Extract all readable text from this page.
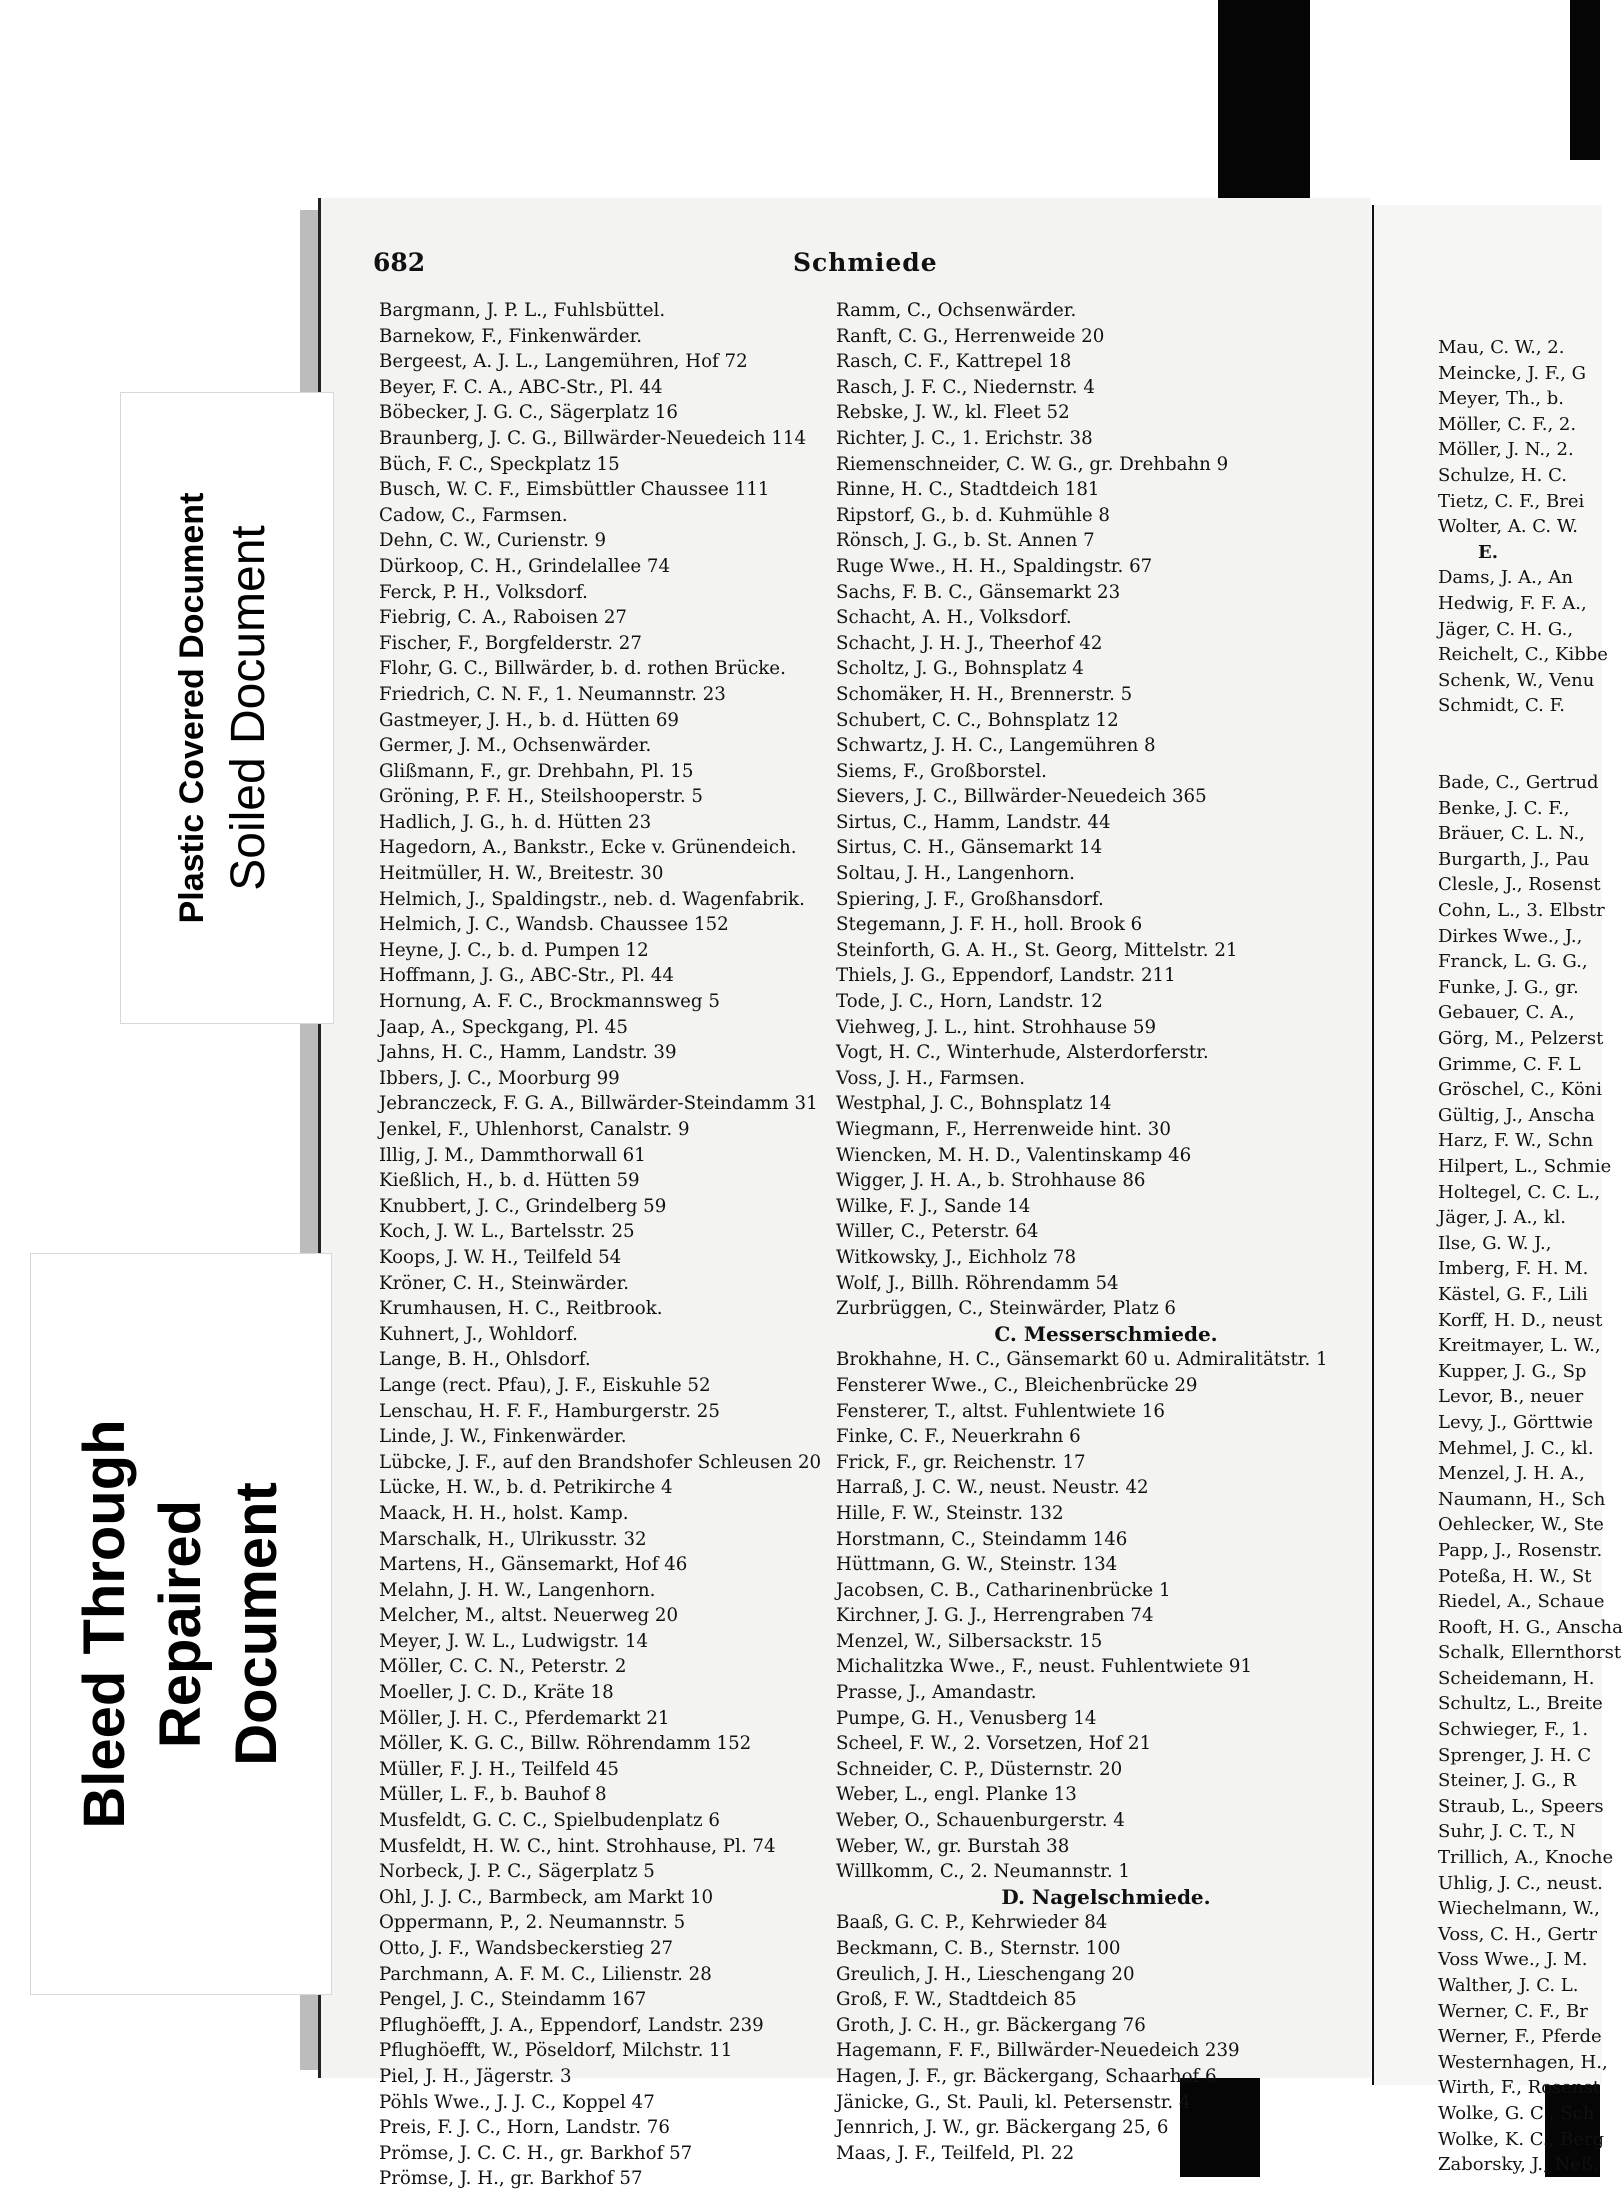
682	Schmiede
Bargmann, J. P. L., Fuhlsbüttel.
Barnekow, F., Finkenwärder.
Bergeest, A. J. L., Langemühren, Hof 72
Beyer, F. C. A., ABC-Str., Pl. 44
Böbecker, J. G. C., Sägerplatz 16
Braunberg, J. C. G., Billwärder-Neuedeich 114
Büch, F. C., Speckplatz 15
Busch, W. C. F., Eimsbüttler Chaussee 111
Cadow, C., Farmsen.
Dehn, C. W., Curienstr. 9
Dürkoop, C. H., Grindelallee 74
Ferck, P. H., Volksdorf.
Fiebrig, C. A., Raboisen 27
Fischer, F., Borgfelderstr. 27
Flohr, G. C., Billwärder, b. d. rothen Brücke.
Friedrich, C. N. F., 1. Neumannstr. 23
Gastmeyer, J. H., b. d. Hütten 69
Germer, J. M., Ochsenwärder.
Glißmann, F., gr. Drehbahn, Pl. 15
Gröning, P. F. H., Steilshooperstr. 5
Hadlich, J. G., h. d. Hütten 23
Hagedorn, A., Bankstr., Ecke v. Grünendeich.
Heitmüller, H. W., Breitestr. 30
Helmich, J., Spaldingstr., neb. d. Wagenfabrik.
Helmich, J. C., Wandsb. Chaussee 152
Heyne, J. C., b. d. Pumpen 12
Hoffmann, J. G., ABC-Str., Pl. 44
Hornung, A. F. C., Brockmannsweg 5
Jaap, A., Speckgang, Pl. 45
Jahns, H. C., Hamm, Landstr. 39
Ibbers, J. C., Moorburg 99
Jebranczeck, F. G. A., Billwärder-Steindamm 31
Jenkel, F., Uhlenhorst, Canalstr. 9
Illig, J. M., Dammthorwall 61
Kießlich, H., b. d. Hütten 59
Knubbert, J. C., Grindelberg 59
Koch, J. W. L., Bartelsstr. 25
Koops, J. W. H., Teilfeld 54
Kröner, C. H., Steinwärder.
Krumhausen, H. C., Reitbrook.
Kuhnert, J., Wohldorf.
Lange, B. H., Ohlsdorf.
Lange (rect. Pfau), J. F., Eiskuhle 52
Lenschau, H. F. F., Hamburgerstr. 25
Linde, J. W., Finkenwärder.
Lübcke, J. F., auf den Brandshofer Schleusen 20
Lücke, H. W., b. d. Petrikirche 4
Maack, H. H., holst. Kamp.
Marschalk, H., Ulrikusstr. 32
Martens, H., Gänsemarkt, Hof 46
Melahn, J. H. W., Langenhorn.
Melcher, M., altst. Neuerweg 20
Meyer, J. W. L., Ludwigstr. 14
Möller, C. C. N., Peterstr. 2
Moeller, J. C. D., Kräte 18
Möller, J. H. C., Pferdemarkt 21
Möller, K. G. C., Billw. Röhrendamm 152
Müller, F. J. H., Teilfeld 45
Müller, L. F., b. Bauhof 8
Musfeldt, G. C. C., Spielbudenplatz 6
Musfeldt, H. W. C., hint. Strohhause, Pl. 74
Norbeck, J. P. C., Sägerplatz 5
Ohl, J. J. C., Barmbeck, am Markt 10
Oppermann, P., 2. Neumannstr. 5
Otto, J. F., Wandsbeckerstieg 27
Parchmann, A. F. M. C., Lilienstr. 28
Pengel, J. C., Steindamm 167
Pflughöefft, J. A., Eppendorf, Landstr. 239
Pflughöefft, W., Pöseldorf, Milchstr. 11
Piel, J. H., Jägerstr. 3
Pöhls Wwe., J. J. C., Koppel 47
Preis, F. J. C., Horn, Landstr. 76
Prömse, J. C. C. H., gr. Barkhof 57
Prömse, J. H., gr. Barkhof 57
Ramm, C., Ochsenwärder.
Ranft, C. G., Herrenweide 20
Rasch, C. F., Kattrepel 18
Rasch, J. F. C., Niedernstr. 4
Rebske, J. W., kl. Fleet 52
Richter, J. C., 1. Erichstr. 38
Riemenschneider, C. W. G., gr. Drehbahn 9
Rinne, H. C., Stadtdeich 181
Ripstorf, G., b. d. Kuhmühle 8
Rönsch, J. G., b. St. Annen 7
Ruge Wwe., H. H., Spaldingstr. 67
Sachs, F. B. C., Gänsemarkt 23
Schacht, A. H., Volksdorf.
Schacht, J. H. J., Theerhof 42
Scholtz, J. G., Bohnsplatz 4
Schomäker, H. H., Brennerstr. 5
Schubert, C. C., Bohnsplatz 12
Schwartz, J. H. C., Langemühren 8
Siems, F., Großborstel.
Sievers, J. C., Billwärder-Neuedeich 365
Sirtus, C., Hamm, Landstr. 44
Sirtus, C. H., Gänsemarkt 14
Soltau, J. H., Langenhorn.
Spiering, J. F., Großhansdorf.
Stegemann, J. F. H., holl. Brook 6
Steinforth, G. A. H., St. Georg, Mittelstr. 21
Thiels, J. G., Eppendorf, Landstr. 211
Tode, J. C., Horn, Landstr. 12
Viehweg, J. L., hint. Strohhause 59
Vogt, H. C., Winterhude, Alsterdorferstr.
Voss, J. H., Farmsen.
Westphal, J. C., Bohnsplatz 14
Wiegmann, F., Herrenweide hint. 30
Wiencken, M. H. D., Valentinskamp 46
Wigger, J. H. A., b. Strohhause 86
Wilke, F. J., Sande 14
Willer, C., Peterstr. 64
Witkowsky, J., Eichholz 78
Wolf, J., Billh. Röhrendamm 54
Zurbrüggen, C., Steinwärder, Platz 6
C. Messerschmiede.
Brokhahne, H. C., Gänsemarkt 60 u. Admiralitätstr. 1
Fensterer Wwe., C., Bleichenbrücke 29
Fensterer, T., altst. Fuhlentwiete 16
Finke, C. F., Neuerkrahn 6
Frick, F., gr. Reichenstr. 17
Harraß, J. C. W., neust. Neustr. 42
Hille, F. W., Steinstr. 132
Horstmann, C., Steindamm 146
Hüttmann, G. W., Steinstr. 134
Jacobsen, C. B., Catharinenbrücke 1
Kirchner, J. G. J., Herrengraben 74
Menzel, W., Silbersackstr. 15
Michalitzka Wwe., F., neust. Fuhlentwiete 91
Prasse, J., Amandastr.
Pumpe, G. H., Venusberg 14
Scheel, F. W., 2. Vorsetzen, Hof 21
Schneider, C. P., Düsternstr. 20
Weber, L., engl. Planke 13
Weber, O., Schauenburgerstr. 4
Weber, W., gr. Burstah 38
Willkomm, C., 2. Neumannstr. 1
D. Nagelschmiede.
Baaß, G. C. P., Kehrwieder 84
Beckmann, C. B., Sternstr. 100
Greulich, J. H., Lieschengang 20
Groß, F. W., Stadtdeich 85
Groth, J. C. H., gr. Bäckergang 76
Hagemann, F. F., Billwärder-Neuedeich 239
Hagen, J. F., gr. Bäckergang, Schaarhof 6
Jänicke, G., St. Pauli, kl. Petersenstr. 4
Jennrich, J. W., gr. Bäckergang 25, 6
Maas, J. F., Teilfeld, Pl. 22
Mau, C. W., 2.
Meincke, J. F., G
Meyer, Th., b.
Möller, C. F., 2.
Möller, J. N., 2.
Schulze, H. C.
Tietz, C. F., Brei
Wolter, A. C. W.
E.
Dams, J. A., An
Hedwig, F. F. A.,
Jäger, C. H. G.,
Reichelt, C., Kibbe
Schenk, W., Venu
Schmidt, C. F.
Bade, C., Gertrud
Benke, J. C. F.,
Bräuer, C. L. N.,
Burgarth, J., Pau
Clesle, J., Rosenst
Cohn, L., 3. Elbstr
Dirkes Wwe., J.,
Franck, L. G. G.,
Funke, J. G., gr.
Gebauer, C. A.,
Görg, M., Pelzerst
Grimme, C. F. L
Gröschel, C., Köni
Gültig, J., Anscha
Harz, F. W., Schn
Hilpert, L., Schmie
Holtegel, C. C. L.,
Jäger, J. A., kl.
Ilse, G. W. J.,
Imberg, F. H. M.
Kästel, G. F., Lili
Korff, H. D., neust
Kreitmayer, L. W.,
Kupper, J. G., Sp
Levor, B., neuer
Levy, J., Görttwie
Mehmel, J. C., kl.
Menzel, J. H. A.,
Naumann, H., Sch
Oehlecker, W., Ste
Papp, J., Rosenstr.
Poteßa, H. W., St
Riedel, A., Schaue
Rooft, H. G., Anscha
Schalk, Ellernthorst
Scheidemann, H.
Schultz, L., Breite
Schwieger, F., 1.
Sprenger, J. H. C
Steiner, J. G., R
Straub, L., Speers
Suhr, J. C. T., N
Trillich, A., Knoche
Uhlig, J. C., neust.
Wiechelmann, W.,
Voss, C. H., Gertr
Voss Wwe., J. M.
Walther, J. C. L.
Werner, C. F., Br
Werner, F., Pferde
Westernhagen, H.,
Wirth, F., Rosenst
Wolke, G. C., Sch
Wolke, K. C., Berg
Zaborsky, J., Neß,
Plastic Covered Document Soiled Document
Bleed Through Repaired Document
